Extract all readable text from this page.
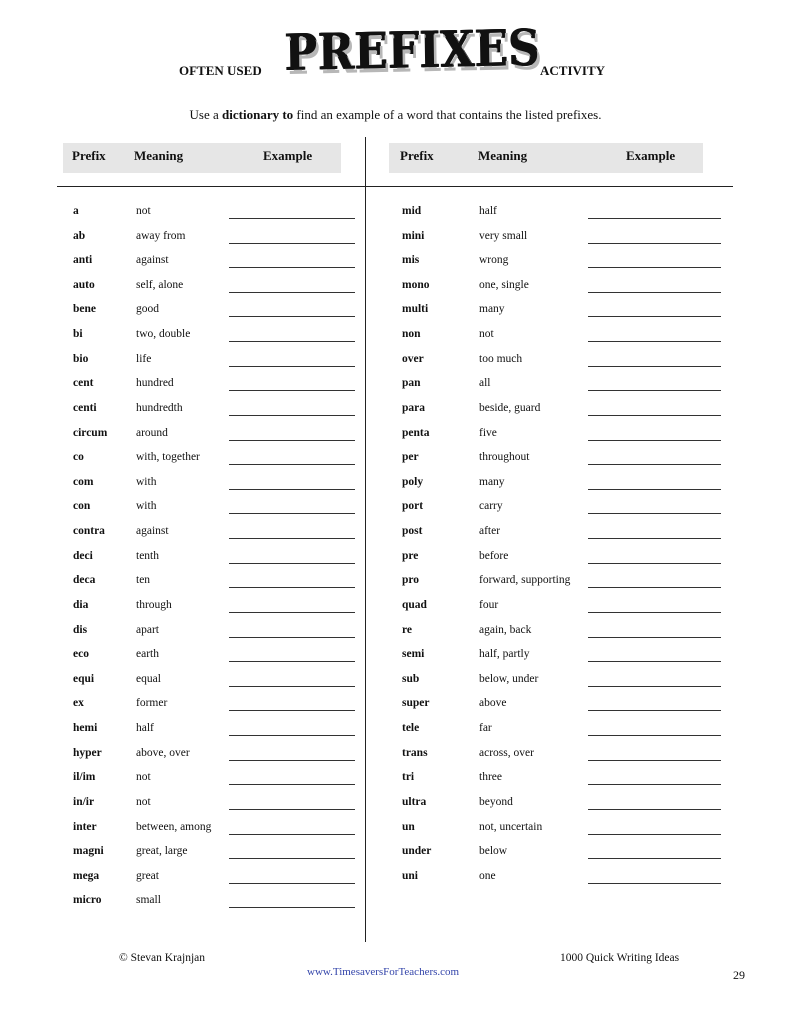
OFTEN USED PREFIXES ACTIVITY
Use a dictionary to find an example of a word that contains the listed prefixes.
Prefix Meaning	Example	Prefix	Meaning	Example
a	not
ab	away from
anti	against
auto	self, alone
bene	good
bi	two, double
bio	life
cent	hundred
centi	hundredth
circum around
co	with, together
com	with
con	with
contra	against
deci	tenth
deca	ten
dia	through
dis	apart
eco	earth
equi	equal
ex	former
hemi	half
hyper	above, over
il/im	not
in/ir	not
inter	between, among
magni	great, large
mega	great
micro	small
mid	half
mini	very small
mis	wrong
mono	one, single
multi	many
non	not
over	too much
pan	all
para	beside, guard
penta	five
per	throughout
poly	many
port	carry
post	after
pre	before
pro	forward, supporting
quad	four
re	again, back
semi	half, partly
sub	below, under
super	above
tele	far
trans	across, over
tri	three
ultra	beyond
un	not, uncertain
under	below
uni	one
© Stevan Krajnjan	1000 Quick Writing Ideas
www.TimesaversForTeachers.com	29
